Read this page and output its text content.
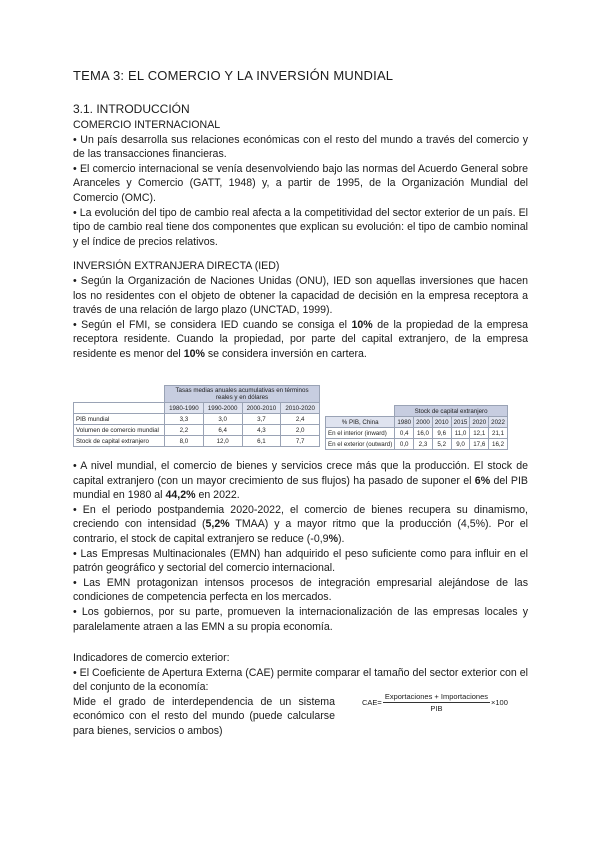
TEMA 3: EL COMERCIO Y LA INVERSIÓN MUNDIAL
3.1. INTRODUCCIÓN

COMERCIO INTERNACIONAL

• Un país desarrolla sus relaciones económicas con el resto del mundo a través del comercio y de las transacciones financieras.

• El comercio internacional se venía desenvolviendo bajo las normas del Acuerdo General sobre Aranceles y Comercio (GATT, 1948) y, a partir de 1995, de la Organización Mundial del Comercio (OMC).

• La evolución del tipo de cambio real afecta a la competitividad del sector exterior de un país. El tipo de cambio real tiene dos componentes que explican su evolución: el tipo de cambio nominal y el índice de precios relativos.

INVERSIÓN EXTRANJERA DIRECTA (IED)

• Según la Organización de Naciones Unidas (ONU), IED son aquellas inversiones que hacen los no residentes con el objeto de obtener la capacidad de decisión en la empresa receptora a través de una relación de largo plazo (UNCTAD, 1999).

• Según el FMI, se considera IED cuando se consiga el 10% de la propiedad de la empresa receptora residente. Cuando la propiedad, por parte del capital extranjero, de la empresa residente es menor del 10% se considera inversión en cartera.

	Tasas medias anuales acumulativas en términos reales y en dólares			
	1980-1990	1990-2000	2000-2010	2010-2020
PIB mundial	3,3	3,0	3,7	2,4
Volumen de comercio mundial	2,2	6,4	4,3	2,0
Stock de capital extranjero	8,0	12,0	6,1	7,7
	Stock de capital extranjero					
% PIB, China	1980	2000	2010	2015	2020	2022
En el interior (inward)	0,4	16,0	9,6	11,0	12,1	21,1
En el exterior (outward)	0,0	2,3	5,2	9,0	17,6	16,2

• A nivel mundial, el comercio de bienes y servicios crece más que la producción. El stock de capital extranjero (con un mayor crecimiento de sus flujos) ha pasado de suponer el 6% del PIB mundial en 1980 al 44,2% en 2022.

• En el periodo postpandemia 2020-2022, el comercio de bienes recupera su dinamismo, creciendo con intensidad (5,2% TMAA) y a mayor ritmo que la producción (4,5%). Por el contrario, el stock de capital extranjero se reduce (-0,9%).

• Las Empresas Multinacionales (EMN) han adquirido el peso suficiente como para influir en el patrón geográfico y sectorial del comercio internacional.

• Las EMN protagonizan intensos procesos de integración empresarial alejándose de las condiciones de competencia perfecta en los mercados.

• Los gobiernos, por su parte, promueven la internacionalización de las empresas locales y paralelamente atraen a las EMN a su propia economía.

Indicadores de comercio exterior:

• El Coeficiente de Apertura Externa (CAE) permite comparar el tamaño del sector exterior con el del conjunto de la economía:

Mide el grado de interdependencia de un sistema económico con el resto del mundo (puede calcularse para bienes, servicios o ambos)

$CAE= \frac{\text{Exportaciones + Importaciones}}{\text{PIB}} \times 100$
